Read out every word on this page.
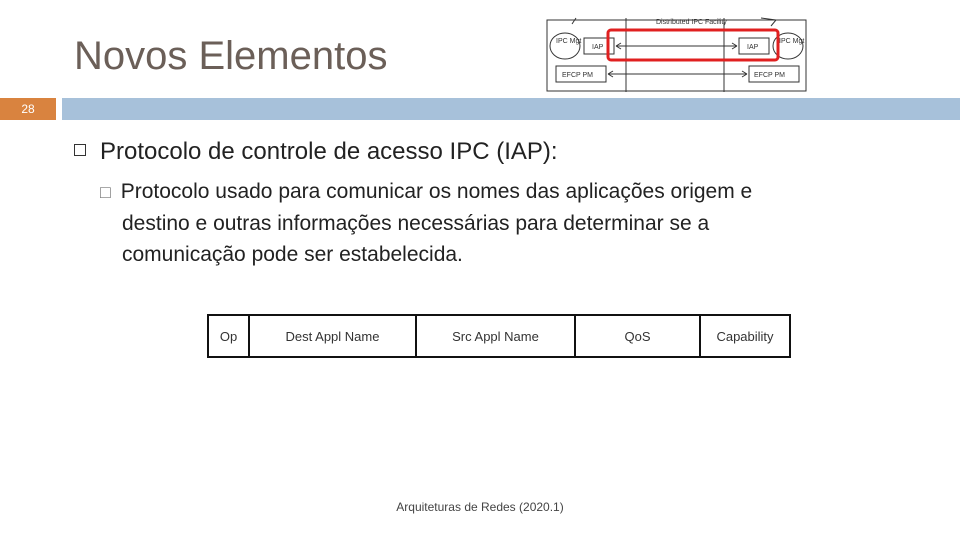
Novos Elementos
Distributed IPC Facility
IPC Mgt	IPC Mgt
IAP	IAP
EFCP PM	EFCP PM
28
Protocolo de controle de acesso IPC (IAP):
□ Protocolo usado para comunicar os nomes das aplicações origem e
destino e outras informações necessárias para determinar se a
comunicação pode ser estabelecida.
Op	Dest Appl Name	Src Appl Name	QoS	Capability
Arquiteturas de Redes (2020.1)
